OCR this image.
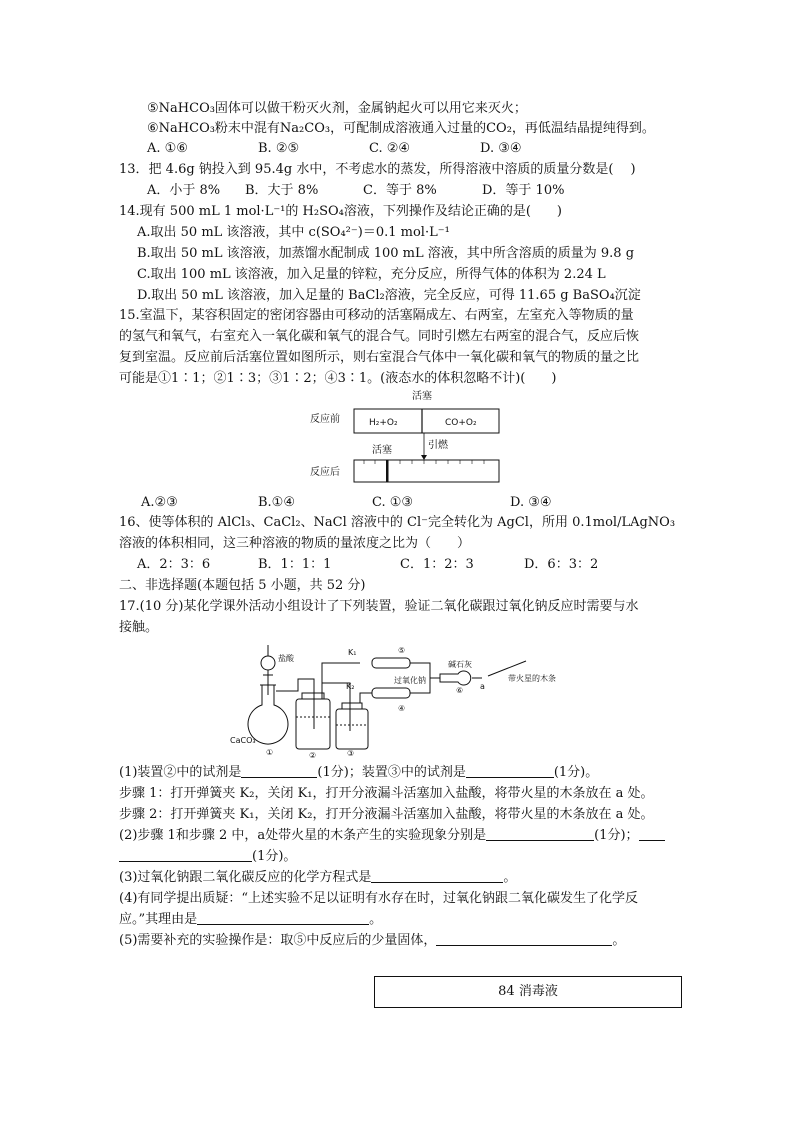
⑤NaHCO₃固体可以做干粉灭火剂，金属钠起火可以用它来灭火；
⑥NaHCO₃粉末中混有Na₂CO₃，可配制成溶液通入过量的CO₂，再低温结晶提纯得到。
A. ①⑥	B. ②⑤	C. ②④	D. ③④
13．把 4.6g 钠投入到 95.4g 水中，不考虑水的蒸发，所得溶液中溶质的质量分数是(　 )
A．小于 8% B．大于 8%	C．等于 8%	D．等于 10%
14.现有 500 mL 1 mol·L⁻¹的 H₂SO₄溶液，下列操作及结论正确的是(　　)
A.取出 50 mL 该溶液，其中 c(SO₄²⁻)＝0.1 mol·L⁻¹
B.取出 50 mL 该溶液，加蒸馏水配制成 100 mL 溶液，其中所含溶质的质量为 9.8 g
C.取出 100 mL 该溶液，加入足量的锌粒，充分反应，所得气体的体积为 2.24 L
D.取出 50 mL 该溶液，加入足量的 BaCl₂溶液，完全反应，可得 11.65 g BaSO₄沉淀
15.室温下，某容积固定的密闭容器由可移动的活塞隔成左、右两室，左室充入等物质的量
的氢气和氧气，右室充入一氧化碳和氧气的混合气。同时引燃左右两室的混合气，反应后恢
复到室温。反应前后活塞位置如图所示，则右室混合气体中一氧化碳和氧气的物质的量之比
可能是①1∶1；②1∶3；③1∶2；④3∶1。(液态水的体积忽略不计)(　　)
活塞
反应前	H₂+O₂	CO+O₂
引燃
活塞
反应后
A.②③	B.①④	C. ①③	D. ③④
16、使等体积的 AlCl₃、CaCl₂、NaCl 溶液中的 Cl⁻完全转化为 AgCl，所用 0.1mol/LAgNO₃
溶液的体积相同，这三种溶液的物质的量浓度之比为（　　）
A．2：3：6	B．1：1：1	C．1：2：3	D．6：3：2
二、非选择题(本题包括 5 小题，共 52 分)
17.(10 分)某化学课外活动小组设计了下列装置，验证二氧化碳跟过氧化钠反应时需要与水
接触。
盐酸
CaCO₃
K₁
K₂
过氧化钠
碱石灰
带火星的木条
a
①	②	③
④
⑤
⑥
(1)装置②中的试剂是	(1分)；装置③中的试剂是	(1分)。
步骤 1：打开弹簧夹 K₂，关闭 K₁，打开分液漏斗活塞加入盐酸，将带火星的木条放在 a 处。
步骤 2：打开弹簧夹 K₁，关闭 K₂，打开分液漏斗活塞加入盐酸，将带火星的木条放在 a 处。
(2)步骤 1和步骤 2 中，a处带火星的木条产生的实验现象分别是	(1分)；
(1分)。
(3)过氧化钠跟二氧化碳反应的化学方程式是	。
(4)有同学提出质疑：“上述实验不足以证明有水存在时，过氧化钠跟二氧化碳发生了化学反
应。”其理由是	。
(5)需要补充的实验操作是：取⑤中反应后的少量固体，	。
84 消毒液
